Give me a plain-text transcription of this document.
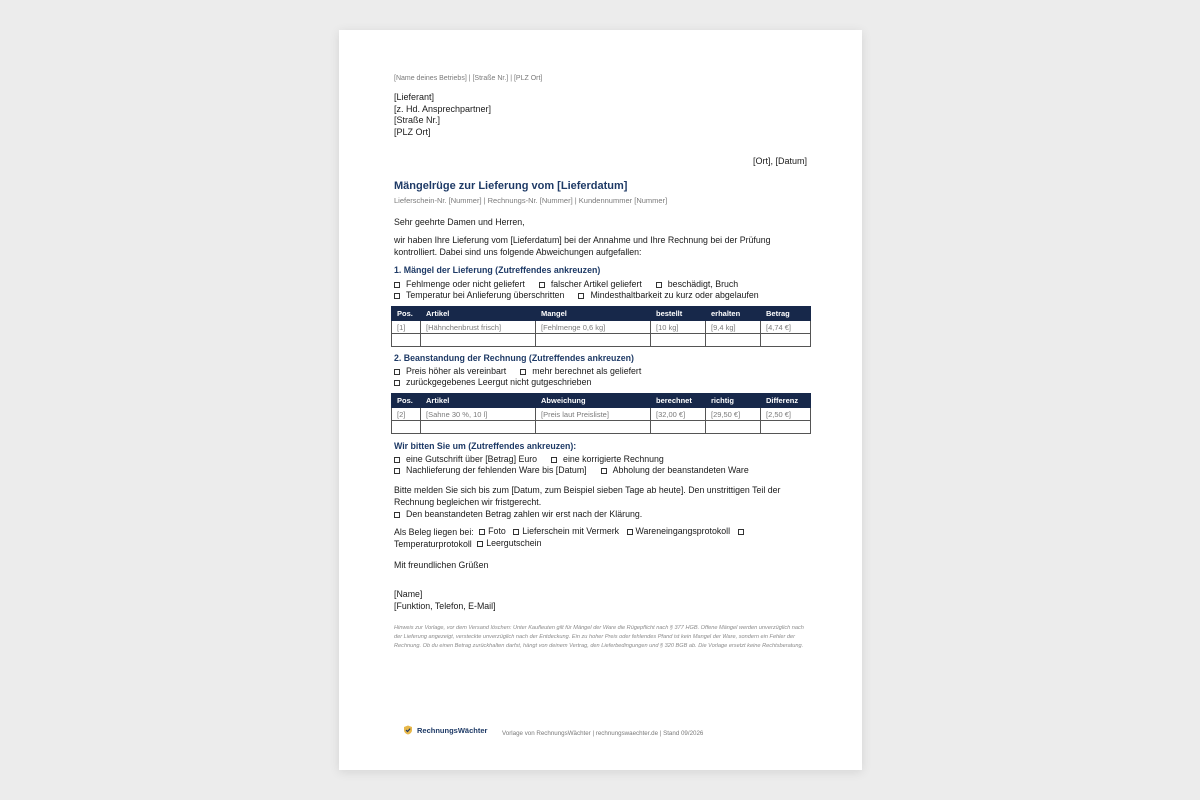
[Name deines Betriebs] | [Straße Nr.] | [PLZ Ort]
[Lieferant]
[z. Hd. Ansprechpartner]
[Straße Nr.]
[PLZ Ort]
[Ort], [Datum]
Mängelrüge zur Lieferung vom [Lieferdatum]
Lieferschein-Nr. [Nummer] | Rechnungs-Nr. [Nummer] | Kundennummer [Nummer]
Sehr geehrte Damen und Herren,
wir haben Ihre Lieferung vom [Lieferdatum] bei der Annahme und Ihre Rechnung bei der Prüfung kontrolliert. Dabei sind uns folgende Abweichungen aufgefallen:
1. Mängel der Lieferung (Zutreffendes ankreuzen)
Fehlmenge oder nicht geliefert	falscher Artikel geliefert	beschädigt, Bruch
Temperatur bei Anlieferung überschritten	Mindesthaltbarkeit zu kurz oder abgelaufen
Pos.	Artikel	Mangel	bestellt	erhalten	Betrag
[1]	[Hähnchenbrust frisch]	[Fehlmenge 0,6 kg]	[10 kg]	[9,4 kg]	[4,74 €]

2. Beanstandung der Rechnung (Zutreffendes ankreuzen)
Preis höher als vereinbart	mehr berechnet als geliefert
zurückgegebenes Leergut nicht gutgeschrieben
Pos.	Artikel	Abweichung	berechnet	richtig	Differenz
[2]	[Sahne 30 %, 10 l]	[Preis laut Preisliste]	[32,00 €]	[29,50 €]	[2,50 €]

Wir bitten Sie um (Zutreffendes ankreuzen):
eine Gutschrift über [Betrag] Euro	eine korrigierte Rechnung
Nachlieferung der fehlenden Ware bis [Datum]	Abholung der beanstandeten Ware
Bitte melden Sie sich bis zum [Datum, zum Beispiel sieben Tage ab heute]. Den unstrittigen Teil der Rechnung begleichen wir fristgerecht.
Den beanstandeten Betrag zahlen wir erst nach der Klärung.
Als Beleg liegen bei: Foto
Lieferschein mit Vermerk
Wareneingangsprotokoll

Temperaturprotokoll Leergutschein
Mit freundlichen Grüßen
[Name]
[Funktion, Telefon, E-Mail]
Hinweis zur Vorlage, vor dem Versand löschen: Unter Kaufleuten gilt für Mängel der Ware die Rügepflicht nach § 377 HGB. Offene Mängel werden unverzüglich nach der Lieferung angezeigt, versteckte unverzüglich nach der Entdeckung. Ein zu hoher Preis oder fehlendes Pfand ist kein Mangel der Ware, sondern ein Fehler der Rechnung. Ob du einen Betrag zurückhalten darfst, hängt von deinem Vertrag, den Lieferbedingungen und § 320 BGB ab. Die Vorlage ersetzt keine Rechtsberatung.
RechnungsWächter Vorlage von RechnungsWächter | rechnungswaechter.de | Stand 09/2026
